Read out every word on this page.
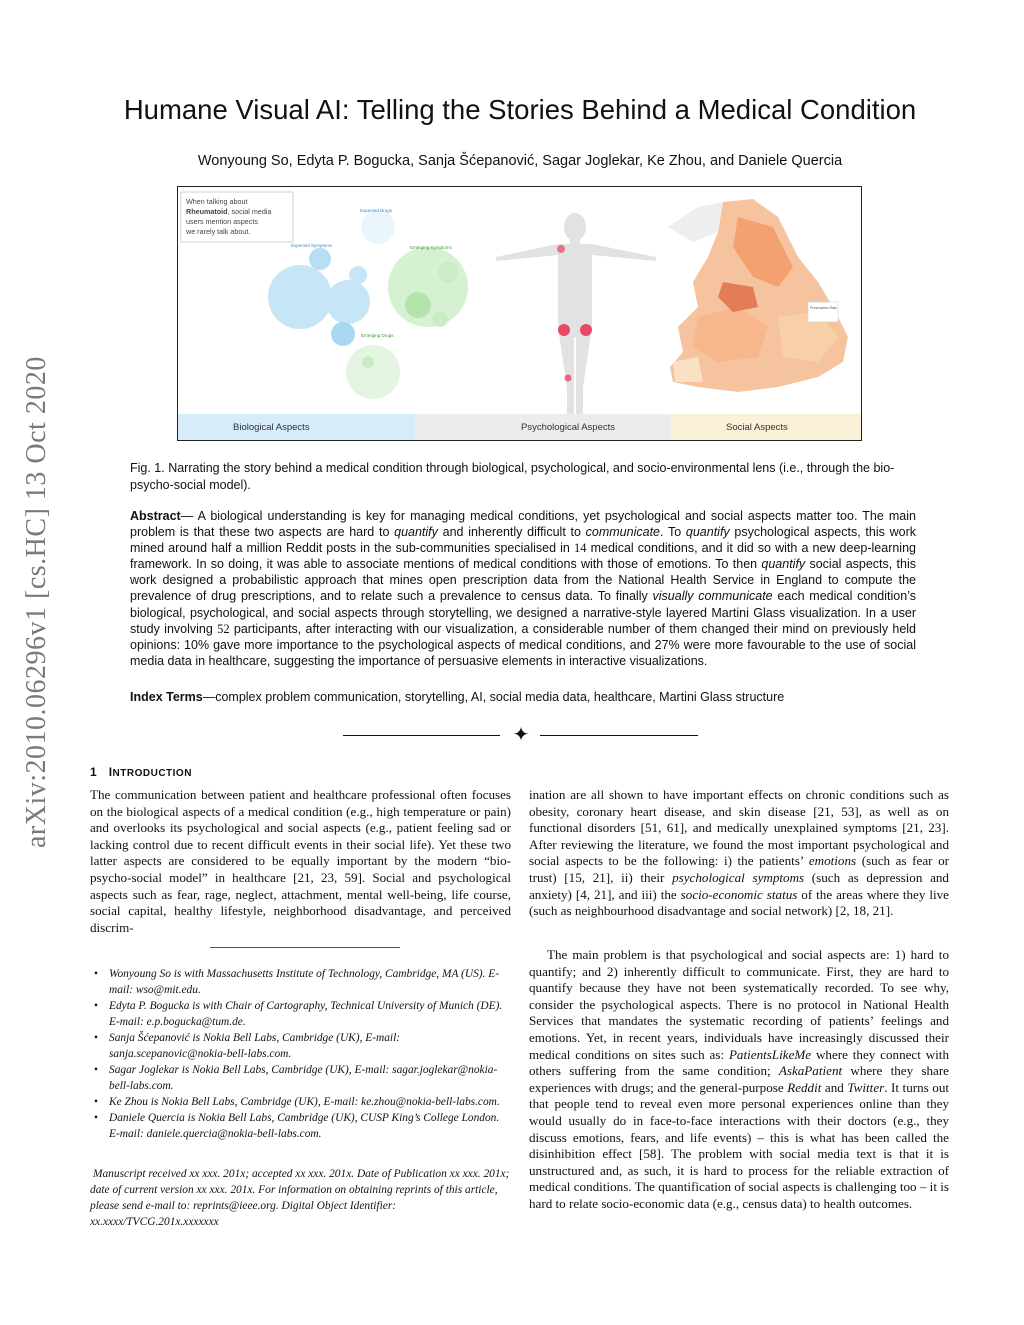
arXiv:2010.06296v1 [cs.HC] 13 Oct 2020
Humane Visual AI: Telling the Stories Behind a Medical Condition
Wonyoung So, Edyta P. Bogucka, Sanja Šćepanović, Sagar Joglekar, Ke Zhou, and Daniele Quercia
When talking about
Rheumatoid, social media
users mention aspects
we rarely talk about.
Expected Drugs
Expected Symptoms	Emerging Symptoms
Emerging Drugs
Prescription Rate
Biological Aspects	Psychological Aspects	Social Aspects
Fig. 1. Narrating the story behind a medical condition through biological, psychological, and socio-environmental lens (i.e., through the bio-psycho-social model).
Abstract— A biological understanding is key for managing medical conditions, yet psychological and social aspects matter too. The main problem is that these two aspects are hard to quantify and inherently difficult to communicate. To quantify psychological aspects, this work mined around half a million Reddit posts in the sub-communities specialised in 14 medical conditions, and it did so with a new deep-learning framework. In so doing, it was able to associate mentions of medical conditions with those of emotions. To then quantify social aspects, this work designed a probabilistic approach that mines open prescription data from the National Health Service in England to compute the prevalence of drug prescriptions, and to relate such a prevalence to census data. To finally visually communicate each medical condition’s biological, psychological, and social aspects through storytelling, we designed a narrative-style layered Martini Glass visualization. In a user study involving 52 participants, after interacting with our visualization, a considerable number of them changed their mind on previously held opinions: 10% gave more importance to the psychological aspects of medical conditions, and 27% were more favourable to the use of social media data in healthcare, suggesting the importance of persuasive elements in interactive visualizations.
Index Terms—complex problem communication, storytelling, AI, social media data, healthcare, Martini Glass structure
✦
1 INTRODUCTION
The communication between patient and healthcare professional often focuses on the biological aspects of a medical condition (e.g., high temperature or pain) and overlooks its psychological and social aspects (e.g., patient feeling sad or lacking control due to recent difficult events in their social life). Yet these two latter aspects are considered to be equally important by the modern “bio-psycho-social model” in healthcare [21, 23, 59]. Social and psychological aspects such as fear, rage, neglect, attachment, mental well-being, life course, social capital, healthy lifestyle, neighborhood disadvantage, and perceived discrim-
• Wonyoung So is with Massachusetts Institute of Technology, Cambridge, MA (US). E-mail: wso@mit.edu.
• Edyta P. Bogucka is with Chair of Cartography, Technical University of Munich (DE). E-mail: e.p.bogucka@tum.de.
• Sanja Šćepanović is Nokia Bell Labs, Cambridge (UK), E-mail: sanja.scepanovic@nokia-bell-labs.com.
• Sagar Joglekar is Nokia Bell Labs, Cambridge (UK), E-mail: sagar.joglekar@nokia-bell-labs.com.
• Ke Zhou is Nokia Bell Labs, Cambridge (UK), E-mail: ke.zhou@nokia-bell-labs.com.
• Daniele Quercia is Nokia Bell Labs, Cambridge (UK), CUSP King’s College London. E-mail: daniele.quercia@nokia-bell-labs.com.
Manuscript received xx xxx. 201x; accepted xx xxx. 201x. Date of Publication xx xxx. 201x; date of current version xx xxx. 201x. For information on obtaining reprints of this article, please send e-mail to: reprints@ieee.org. Digital Object Identifier: xx.xxxx/TVCG.201x.xxxxxxx
ination are all shown to have important effects on chronic conditions such as obesity, coronary heart disease, and skin disease [21, 53], as well as on functional disorders [51, 61], and medically unexplained symptoms [21, 23]. After reviewing the literature, we found the most important psychological and social aspects to be the following: i) the patients’ emotions (such as fear or trust) [15, 21], ii) their psychological symptoms (such as depression and anxiety) [4, 21], and iii) the socio-economic status of the areas where they live (such as neighbourhood disadvantage and social network) [2, 18, 21].
The main problem is that psychological and social aspects are: 1) hard to quantify; and 2) inherently difficult to communicate. First, they are hard to quantify because they have not been systematically recorded. To see why, consider the psychological aspects. There is no protocol in National Health Services that mandates the systematic recording of patients’ feelings and emotions. Yet, in recent years, individuals have increasingly discussed their medical conditions on sites such as: PatientsLikeMe where they connect with others suffering from the same condition; AskaPatient where they share experiences with drugs; and the general-purpose Reddit and Twitter. It turns out that people tend to reveal even more personal experiences online than they would usually do in face-to-face interactions with their doctors (e.g., they discuss emotions, fears, and life events) – this is what has been called the disinhibition effect [58]. The problem with social media text is that it is unstructured and, as such, it is hard to process for the reliable extraction of medical conditions. The quantification of social aspects is challenging too – it is hard to relate socio-economic data (e.g., census data) to health outcomes.
